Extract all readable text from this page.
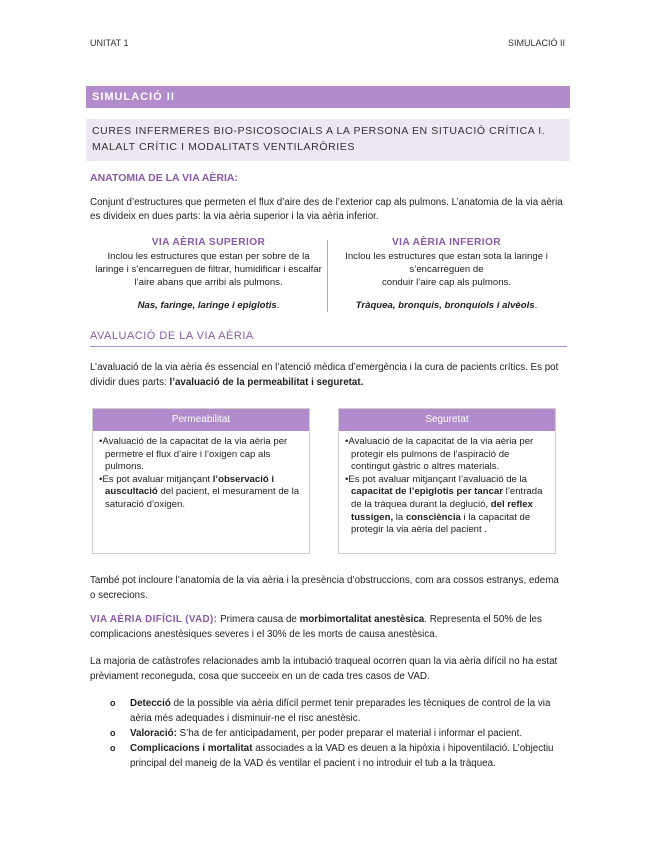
UNITAT 1	SIMULACIÓ II
SIMULACIÓ II
CURES INFERMERES BIO-PSICOSOCIALS A LA PERSONA EN SITUACIÓ CRÍTICA I.
MALALT CRÍTIC I MODALITATS VENTILARÒRIES
ANATOMIA DE LA VIA AÈRIA:

Conjunt d’estructures que permeten el flux d’aire des de l’exterior cap als pulmons. L’anatomia de la via aèria es divideix en dues parts: la via aèria superior i la via aèria inferior.

VIA AÈRIA SUPERIOR
Inclou les estructures que estan per sobre de la laringe i s’encarreguen de filtrar, humidificar i escalfar l’aire abans que arribi als pulmons.
Nas, faringe, laringe i epiglotis.
VIA AÈRIA INFERIOR
Inclou les estructures que estan sota la laringe i
s’encarreguen de
conduir l’aire cap als pulmons.
Tràquea, bronquis, bronquíols i alvèols.
AVALUACIÓ DE LA VIA AÈRIA

L’avaluació de la via aèria és essencial en l’atenció mèdica d’emergència i la cura de pacients crítics. Es pot dividir dues parts: l’avaluació de la permeabilitat i seguretat.

Permeabilitat
• Avaluació de la capacitat de la via aèria per permetre el flux d’aire i l’oxigen cap als pulmons.
• Es pot avaluar mitjançant l’observació i auscultació del pacient, el mesurament de la saturació d’oxigen.
Seguretat
• Avaluació de la capacitat de la via aèria per protegir els pulmons de l’aspiració de contingut gàstric o altres materials.
• Es pot avaluar mitjançant l’avaluació de la capacitat de l’epiglotis per tancar l’entrada de la tràquea durant la deglució, del reflex tussigen, la consciència i la capacitat de protegir la via aèria del pacient .

També pot incloure l’anatomia de la via aèria i la presència d’obstruccions, com ara cossos estranys, edema o secrecions.

VIA AÈRIA DIFÍCIL (VAD): Primera causa de morbimortalitat anestèsica. Representa el 50% de les complicacions anestèsiques severes i el 30% de les morts de causa anestèsica.

La majoria de catàstrofes relacionades amb la intubació traqueal ocorren quan la via aèria difícil no ha estat prèviament reconeguda, cosa que succeeix en un de cada tres casos de VAD.

o Detecció de la possible via aèria difícil permet tenir preparades les tècniques de control de la via aèria més adequades i disminuir-ne el risc anestèsic.
o Valoració: S’ha de fer anticipadament, per poder preparar el material i informar el pacient.
o Complicacions i mortalitat associades a la VAD es deuen a la hipòxia i hipoventilació. L’objectiu principal del maneig de la VAD és ventilar el pacient i no introduir el tub a la tràquea.
